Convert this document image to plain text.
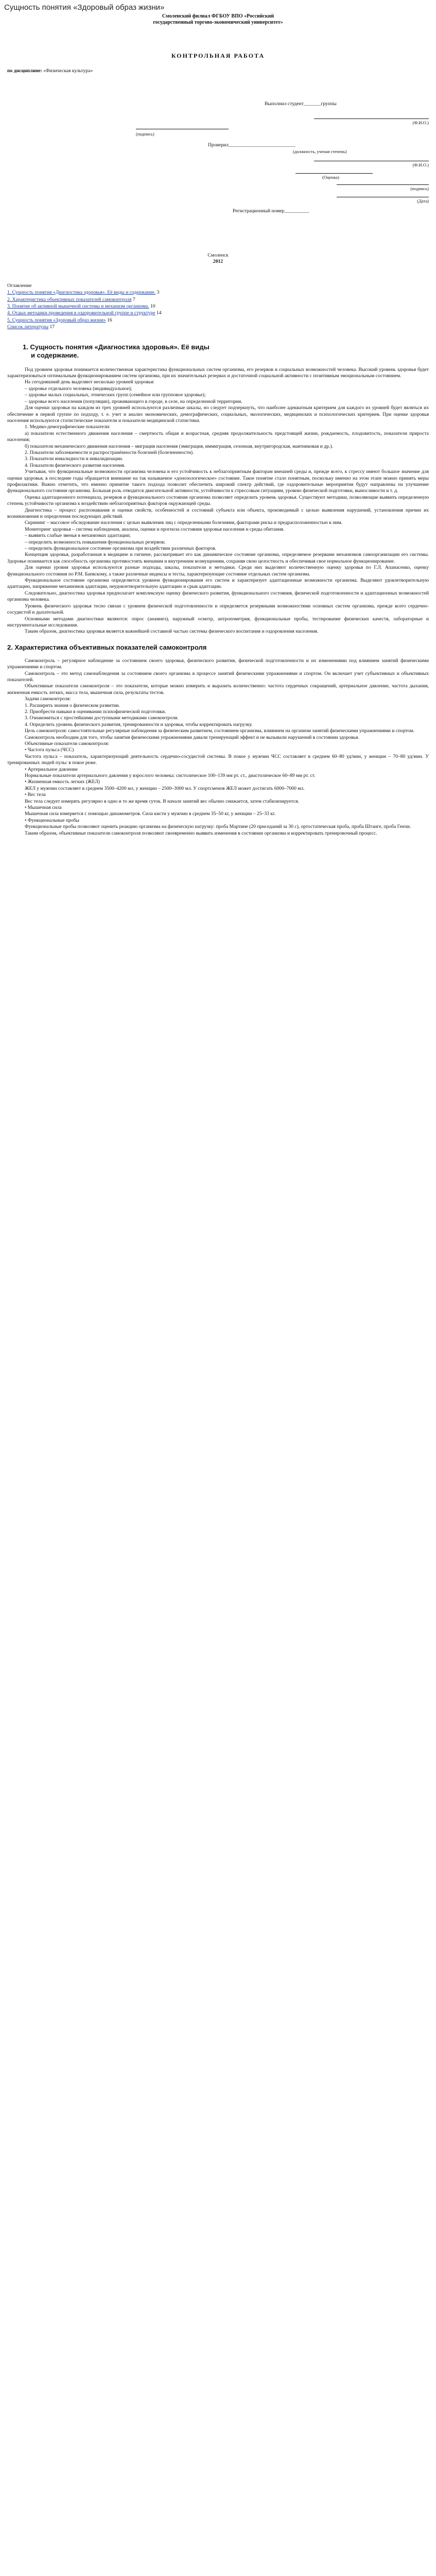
Сущность понятия «Здоровый образ жизни»
Смоленский филиал ФГБОУ ВПО «Российский
государственный торгово-экономический университет»
КОНТРОЛЬНАЯ РАБОТА
по дисциплине: «Физическая культура»
Выполнил студент_______группы
(Ф.И.О.)
(подпись)
Проверил___________________________
(должность, ученая степень)
(Ф.И.О.)
(Оценка)
(подпись)
(Дата)
Регистрационный номер__________
Смоленск
2012
Оглавление
1. Сущность понятия «Диагностика здоровья». Её виды и содержание. 3
2. Характеристика объективных показателей самоконтроля 7
3. Понятие об активной мышечной системы и механизм организма. 10
4. Отдых методики проведения в оздоровительной группе и структуре 14
5. Сущность понятия «Здоровый образ жизни» 16
Список литературы 17
1. Сущность понятия «Диагностика здоровья». Её виды
и содержание.

Под уровнем здоровья понимается количественная характеристика функциональных систем организма, его резервов и социальных возможностей человека. Высокий уровень здоровья будет характеризоваться оптимальным функционированием систем организма, при их значительных резервах и достаточной социальной активности с позитивным эмоциональным состоянием.

На сегодняшний день выделяют несколько уровней здоровья:

– здоровье отдельного человека (индивидуальное);

– здоровье малых социальных, этнических групп (семейное или групповое здоровье);

– здоровье всего населения (популяции), проживающего в городе, в селе, на определенной территории.

Для оценки здоровья на каждом из трех уровней используются различные шкалы, но следует подчеркнуть, что наиболее адекватным критерием для каждого из уровней будет являться их обеспечение в первой группе по подходу, т. е. учет и анализ экономических, демографических, социальных, экологических, медицинских и психологических критериев. При оценке здоровья населения используются статистические показатели и показатели медицинской статистики.

1. Медико-демографические показатели:

а) показатели естественного движения населения – смертность общая и возрастная, средняя продолжительность предстоящей жизни, рождаемость, плодовитость, показатели прироста населения;

б) показатели механического движения населения – миграция населения (эмиграция, иммиграция, сезонная, внутригородская, маятниковая и др.).

2. Показатели заболеваемости и распространённости болезней (болезненности).

3. Показатели инвалидности и инвалидизации.

4. Показатели физического развития населения.

Учитывая, что функциональные возможности организма человека и его устойчивость к неблагоприятным факторам внешней среды и, прежде всего, к стрессу имеют большое значение для оценки здоровья, в последние годы обращается внимание на так называемое «донозологическое» состояние. Такое понятие стало понятным, поскольку именно на этом этапе можно принять меры профилактики. Важно отметить, что именно принятие такого подхода позволит обеспечить широкий спектр действий, где оздоровительные мероприятия будут направлены на улучшение функционального состояния организма. Большая роль отводится двигательной активности, устойчивости к стрессовым ситуациям, уровню физической подготовки, выносливости и т. д.

Оценка адаптационного потенциала, резервов и функционального состояния организма позволяет определить уровень здоровья. Существуют методики, позволяющие выявить определенную степень устойчивости организма к воздействию неблагоприятных факторов окружающей среды.

Диагностика – процесс распознавания и оценки свойств, особенностей и состояний субъекта или объекта, производимый с целью выявления нарушений, установления причин их возникновения и определения последующих действий.

Скрининг – массовое обследование населения с целью выявления лиц с определенными болезнями, факторами риска и предрасположенностью к ним.

Мониторинг здоровья – система наблюдения, анализа, оценки и прогноза состояния здоровья населения и среды обитания.

– выявить слабые звенья в механизмах адаптации;

– определить возможность повышения функциональных резервов;

– определить функциональное состояние организма при воздействии различных факторов.

Концепция здоровья, разработанная в медицине и гигиене, рассматривает его как динамическое состояние организма, определяемое резервами механизмов самоорганизации его системы. Здоровье понимается как способность организма противостоять внешним и внутренним возмущениям, сохраняя свою целостность и обеспечивая свое нормальное функционирование.

Для оценки уровня здоровья используются разные подходы, шкалы, показатели и методики. Среди них выделяют количественную оценку здоровья по Г.Л. Апанасенко, оценку функционального состояния по Р.М. Баевскому, а также различные индексы и тесты, характеризующие состояние отдельных систем организма.

Функциональное состояние организма определяется уровнем функционирования его систем и характеризует адаптационные возможности организма. Выделяют удовлетворительную адаптацию, напряжение механизмов адаптации, неудовлетворительную адаптацию и срыв адаптации.

Следовательно, диагностика здоровья предполагает комплексную оценку физического развития, функционального состояния, физической подготовленности и адаптационных возможностей организма человека.

Уровень физического здоровья тесно связан с уровнем физической подготовленности и определяется резервными возможностями основных систем организма, прежде всего сердечно-сосудистой и дыхательной.

Основными методами диагностики являются: опрос (анамнез), наружный осмотр, антропометрия, функциональные пробы, тестирование физических качеств, лабораторные и инструментальные исследования.

Таким образом, диагностика здоровья является важнейшей составной частью системы физического воспитания и оздоровления населения.

2. Характеристика объективных показателей самоконтроля

Самоконтроль – регулярное наблюдение за состоянием своего здоровья, физического развития, физической подготовленности и их изменениями под влиянием занятий физическими упражнениями и спортом.

Самоконтроль – это метод самонаблюдения за состоянием своего организма в процессе занятий физическими упражнениями и спортом. Он включает учет субъективных и объективных показателей.

Объективные показатели самоконтроля – это показатели, которые можно измерить и выразить количественно: частота сердечных сокращений, артериальное давление, частота дыхания, жизненная емкость легких, масса тела, мышечная сила, результаты тестов.

Задачи самоконтроля:

1. Расширить знания о физическом развитии.

2. Приобрести навыки в оценивании психофизической подготовки.

3. Ознакомиться с простейшими доступными методиками самоконтроля.

4. Определить уровень физического развития, тренированности и здоровья, чтобы корректировать нагрузку.

Цель самоконтроля: самостоятельные регулярные наблюдения за физическим развитием, состоянием организма, влиянием на организм занятий физическими упражнениями и спортом.

Самоконтроль необходим для того, чтобы занятия физическими упражнениями давали тренирующий эффект и не вызывали нарушений в состоянии здоровья.

Объективные показатели самоконтроля:

• Частота пульса (ЧСС)

Частота пульса – показатель, характеризующий деятельность сердечно-сосудистой системы. В покое у мужчин ЧСС составляет в среднем 60–80 уд/мин, у женщин – 70–80 уд/мин. У тренированных людей пульс в покое реже.

• Артериальное давление

Нормальные показатели артериального давления у взрослого человека: систолическое 100–139 мм рт. ст., диастолическое 60–89 мм рт. ст.

• Жизненная емкость легких (ЖЕЛ)

ЖЕЛ у мужчин составляет в среднем 3500–4200 мл, у женщин – 2500–3000 мл. У спортсменов ЖЕЛ может достигать 6000–7000 мл.

• Вес тела

Вес тела следует измерять регулярно в одно и то же время суток. В начале занятий вес обычно снижается, затем стабилизируется.

• Мышечная сила

Мышечная сила измеряется с помощью динамометров. Сила кисти у мужчин в среднем 35–50 кг, у женщин – 25–33 кг.

• Функциональные пробы

Функциональные пробы позволяют оценить реакцию организма на физическую нагрузку: проба Мартине (20 приседаний за 30 с), ортостатическая проба, проба Штанге, проба Генчи.

Таким образом, объективные показатели самоконтроля позволяют своевременно выявить изменения в состоянии организма и корректировать тренировочный процесс.
